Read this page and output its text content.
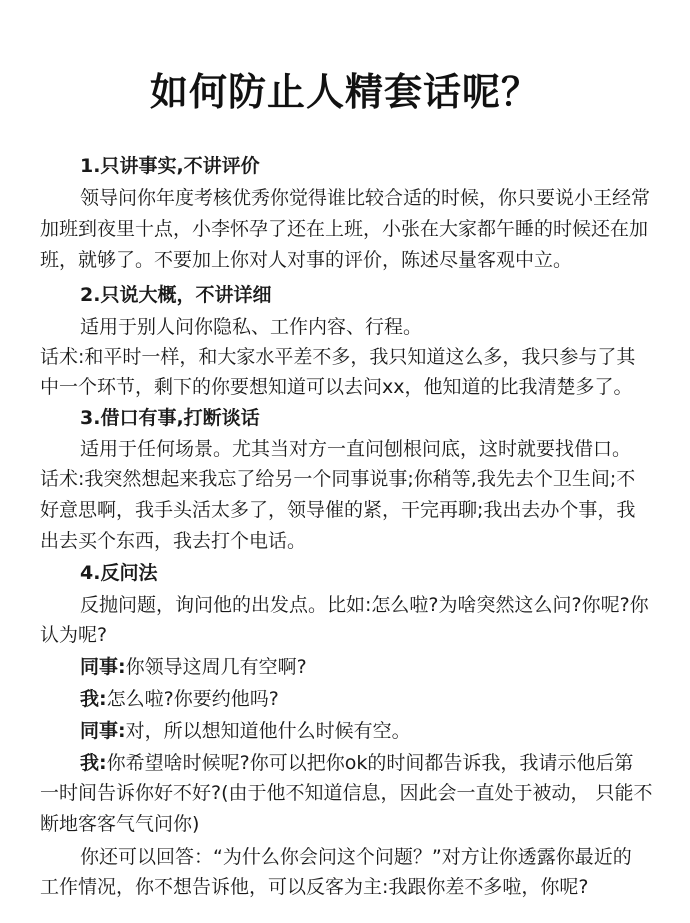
如何防止人精套话呢？
1.只讲事实,不讲评价
领导问你年度考核优秀你觉得谁比较合适的时候，你只要说小王经常
加班到夜里十点，小李怀孕了还在上班，小张在大家都午睡的时候还在加
班，就够了。不要加上你对人对事的评价，陈述尽量客观中立。
2.只说大概，不讲详细
适用于别人问你隐私、工作内容、行程。
话术:和平时一样，和大家水平差不多，我只知道这么多，我只参与了其
中一个环节，剩下的你要想知道可以去问xx，他知道的比我清楚多了。
3.借口有事,打断谈话
适用于任何场景。尤其当对方一直问刨根问底，这时就要找借口。
话术:我突然想起来我忘了给另一个同事说事;你稍等,我先去个卫生间;不
好意思啊，我手头活太多了，领导催的紧，干完再聊;我出去办个事，我
出去买个东西，我去打个电话。
4.反问法
反抛问题，询问他的出发点。比如:怎么啦?为啥突然这么问?你呢?你
认为呢?
同事:你领导这周几有空啊?
我:怎么啦?你要约他吗?
同事:对，所以想知道他什么时候有空。
我:你希望啥时候呢?你可以把你ok的时间都告诉我，我请示他后第
一时间告诉你好不好?(由于他不知道信息，因此会一直处于被动， 只能不
断地客客气气问你)
你还可以回答：“为什么你会问这个问题？”对方让你透露你最近的
工作情况，你不想告诉他，可以反客为主:我跟你差不多啦，你呢?
